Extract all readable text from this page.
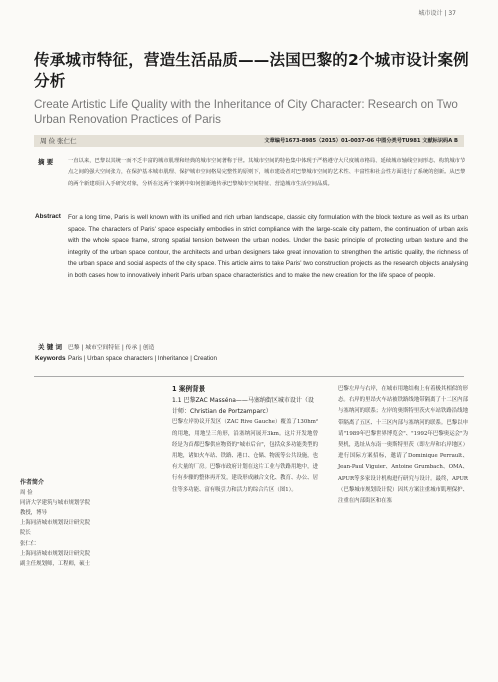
城市设计 | 37
传承城市特征，营造生活品质——法国巴黎的2个城市设计案例分析
Create Artistic Life Quality with the Inheritance of City Character: Research on Two Urban Renovation Practices of Paris
周 俭 张仁仁	文章编号1673-8985（2015）01-0037-06 中图分类号TU981 文献标识码A B
摘 要	一直以来，巴黎以其统一而不乏丰富的城市肌理和经典的城市空间著称于世。其城市空间的特色集中体现于严格遵守大尺度城市格局、延续城市轴线空间形态、构筑城市节点之间的强大空间张力，在保护基本城市肌理、保护城市空间格局完整性的原则下，城市建设者对巴黎城市空间的艺术性、丰富性和社会性方面进行了系统的创新。从巴黎的两个新建项目入手研究对象，分析在这两个案例中如何创新地传承巴黎城市空间特征、营造城市生活空间品质。
Abstract For a long time, Paris is well known with its unified and rich urban landscape, classic city formulation with the block texture as well as its urban space. The characters of Paris' space especially embodies in strict compliance with the large-scale city pattern, the continuation of urban axis with the whole space frame, strong spatial tension between the urban nodes. Under the basic principle of protecting urban texture and the integrity of the urban space contour, the architects and urban designers take great innovation to strengthen the artistic quality, the richness of the urban space and social aspects of the city space. This article aims to take Paris' two construction projects as the research objects analysing in both cases how to innovatively inherit Paris urban space characteristics and to make the new creation for the life space of people.
关 键 词 巴黎 | 城市空间特征 | 传承 | 创造
Keywords Paris | Urban space characters | Inheritance | Creation
作者简介
周 俭
同济大学建筑与城市规划学院
教授，博导
上海同济城市规划设计研究院
院长
张仁仁
上海同济城市规划设计研究院
副主任规划师，工程师，硕士
1 案例背景
1.1 巴黎ZAC Masséna——马塞纳街区城市设计（设计师：Christian de Portzamparc）
巴黎左岸协议开发区（ZAC Rive Gauche）覆盖了130hm²的用地，用地呈三角形，沿塞纳河展开3km。这片开发地曾经是为首都巴黎供应物资的"城市后台"，包括众多功能类型的用地，诸如火车站、铁路、港口、仓储、物流等公共设施，也有大量的厂房。巴黎市政府计划在这片工业与铁路用地中，进行有步骤的整体再开发，建设形成融合文化、教育、办公、居住等多功能、富有吸引力和活力的综合片区（图1）。
巴黎左岸与右岸，在城市用地结构上有着极其相似的形态。右岸的里昂火车站被铁路线地带隔离了十二区内部与塞纳河的联系；左岸的奥斯特里茨火车站铁路沿线地带隔离了五区、十三区内部与塞纳河的联系。巴黎以申请"1989年巴黎世界博览会"、"1992年巴黎奥运会"为契机，选址从东南一奥斯特里茨（即左岸和右岸地区）进行国际方案招标，邀请了Dominique Perrault、Jean-Paul Viguier、Antoine Grumbach、OMA、APUR等多家设计机构进行研究与设计。最终，APUR（巴黎城市规划设计院）因其方案注重城市肌理保护、注重在内部街区和在塞
